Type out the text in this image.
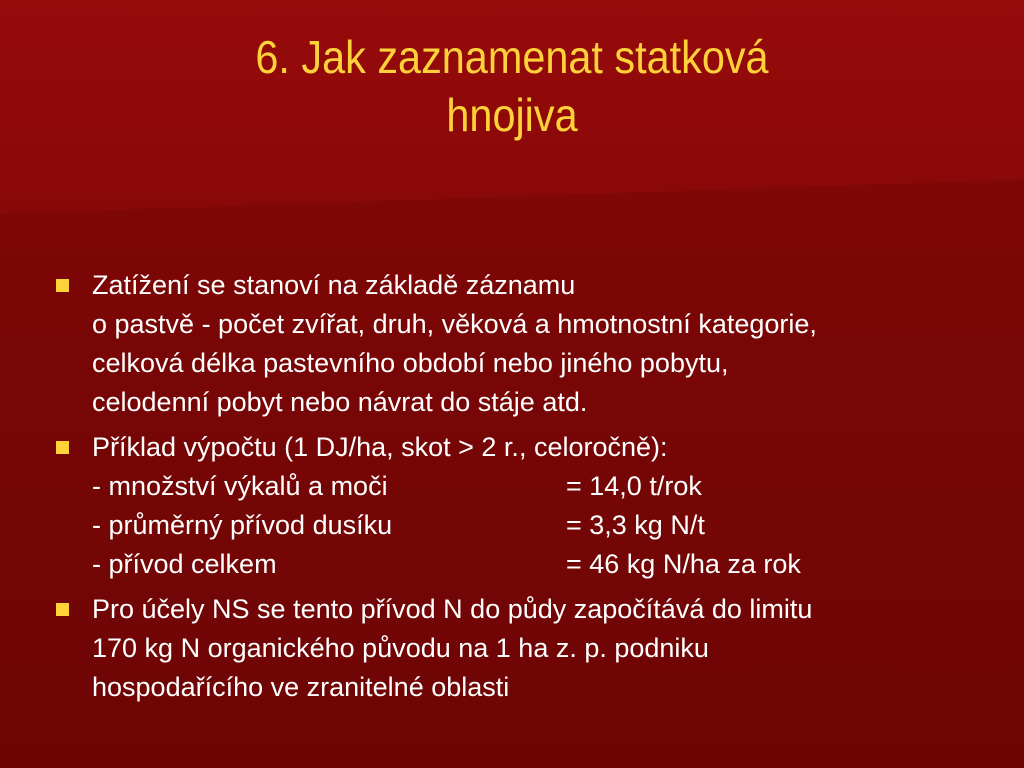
6. Jak zaznamenat statková
hnojiva
Zatížení se stanoví na základě záznamu
o pastvě - počet zvířat, druh, věková a hmotnostní kategorie,
celková délka pastevního období nebo jiného pobytu,
celodenní pobyt nebo návrat do stáje atd.
Příklad výpočtu (1 DJ/ha, skot > 2 r., celoročně):
- množství výkalů a moči	= 14,0 t/rok
- průměrný přívod dusíku	= 3,3 kg N/t
- přívod celkem	= 46 kg N/ha za rok
Pro účely NS se tento přívod N do půdy započítává do limitu
170 kg N organického původu na 1 ha z. p. podniku
hospodařícího ve zranitelné oblasti
